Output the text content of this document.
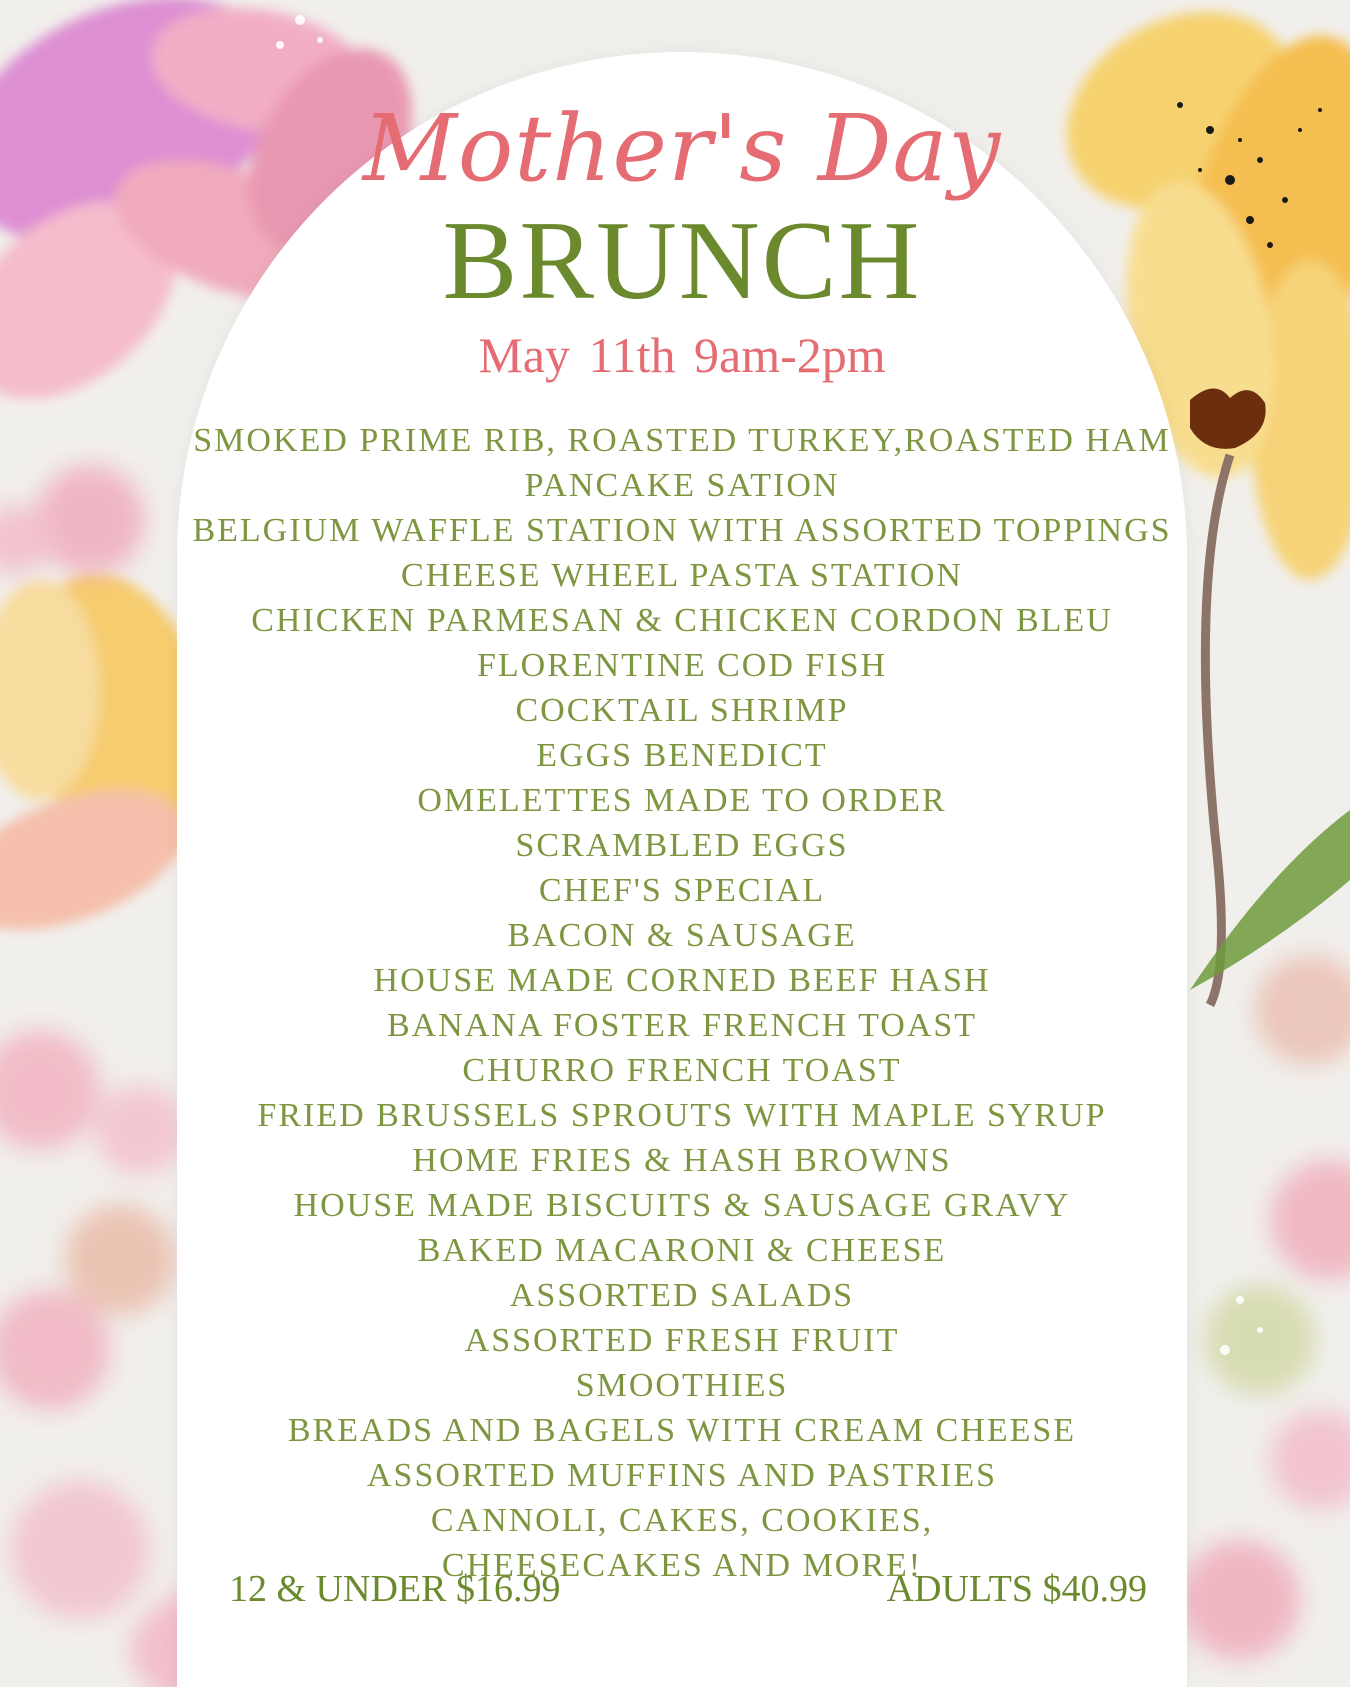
Mother's Day
BRUNCH
May 11th 9am-2pm
SMOKED PRIME RIB, ROASTED TURKEY,ROASTED HAM
PANCAKE SATION
BELGIUM WAFFLE STATION WITH ASSORTED TOPPINGS
CHEESE WHEEL PASTA STATION
CHICKEN PARMESAN & CHICKEN CORDON BLEU
FLORENTINE COD FISH
COCKTAIL SHRIMP
EGGS BENEDICT
OMELETTES MADE TO ORDER
SCRAMBLED EGGS
CHEF'S SPECIAL
BACON & SAUSAGE
HOUSE MADE CORNED BEEF HASH
BANANA FOSTER FRENCH TOAST
CHURRO FRENCH TOAST
FRIED BRUSSELS SPROUTS WITH MAPLE SYRUP
HOME FRIES & HASH BROWNS
HOUSE MADE BISCUITS & SAUSAGE GRAVY
BAKED MACARONI & CHEESE
ASSORTED SALADS
ASSORTED FRESH FRUIT
SMOOTHIES
BREADS AND BAGELS WITH CREAM CHEESE
ASSORTED MUFFINS AND PASTRIES
CANNOLI, CAKES, COOKIES,
CHEESECAKES AND MORE!
12 & UNDER $16.99	ADULTS $40.99
